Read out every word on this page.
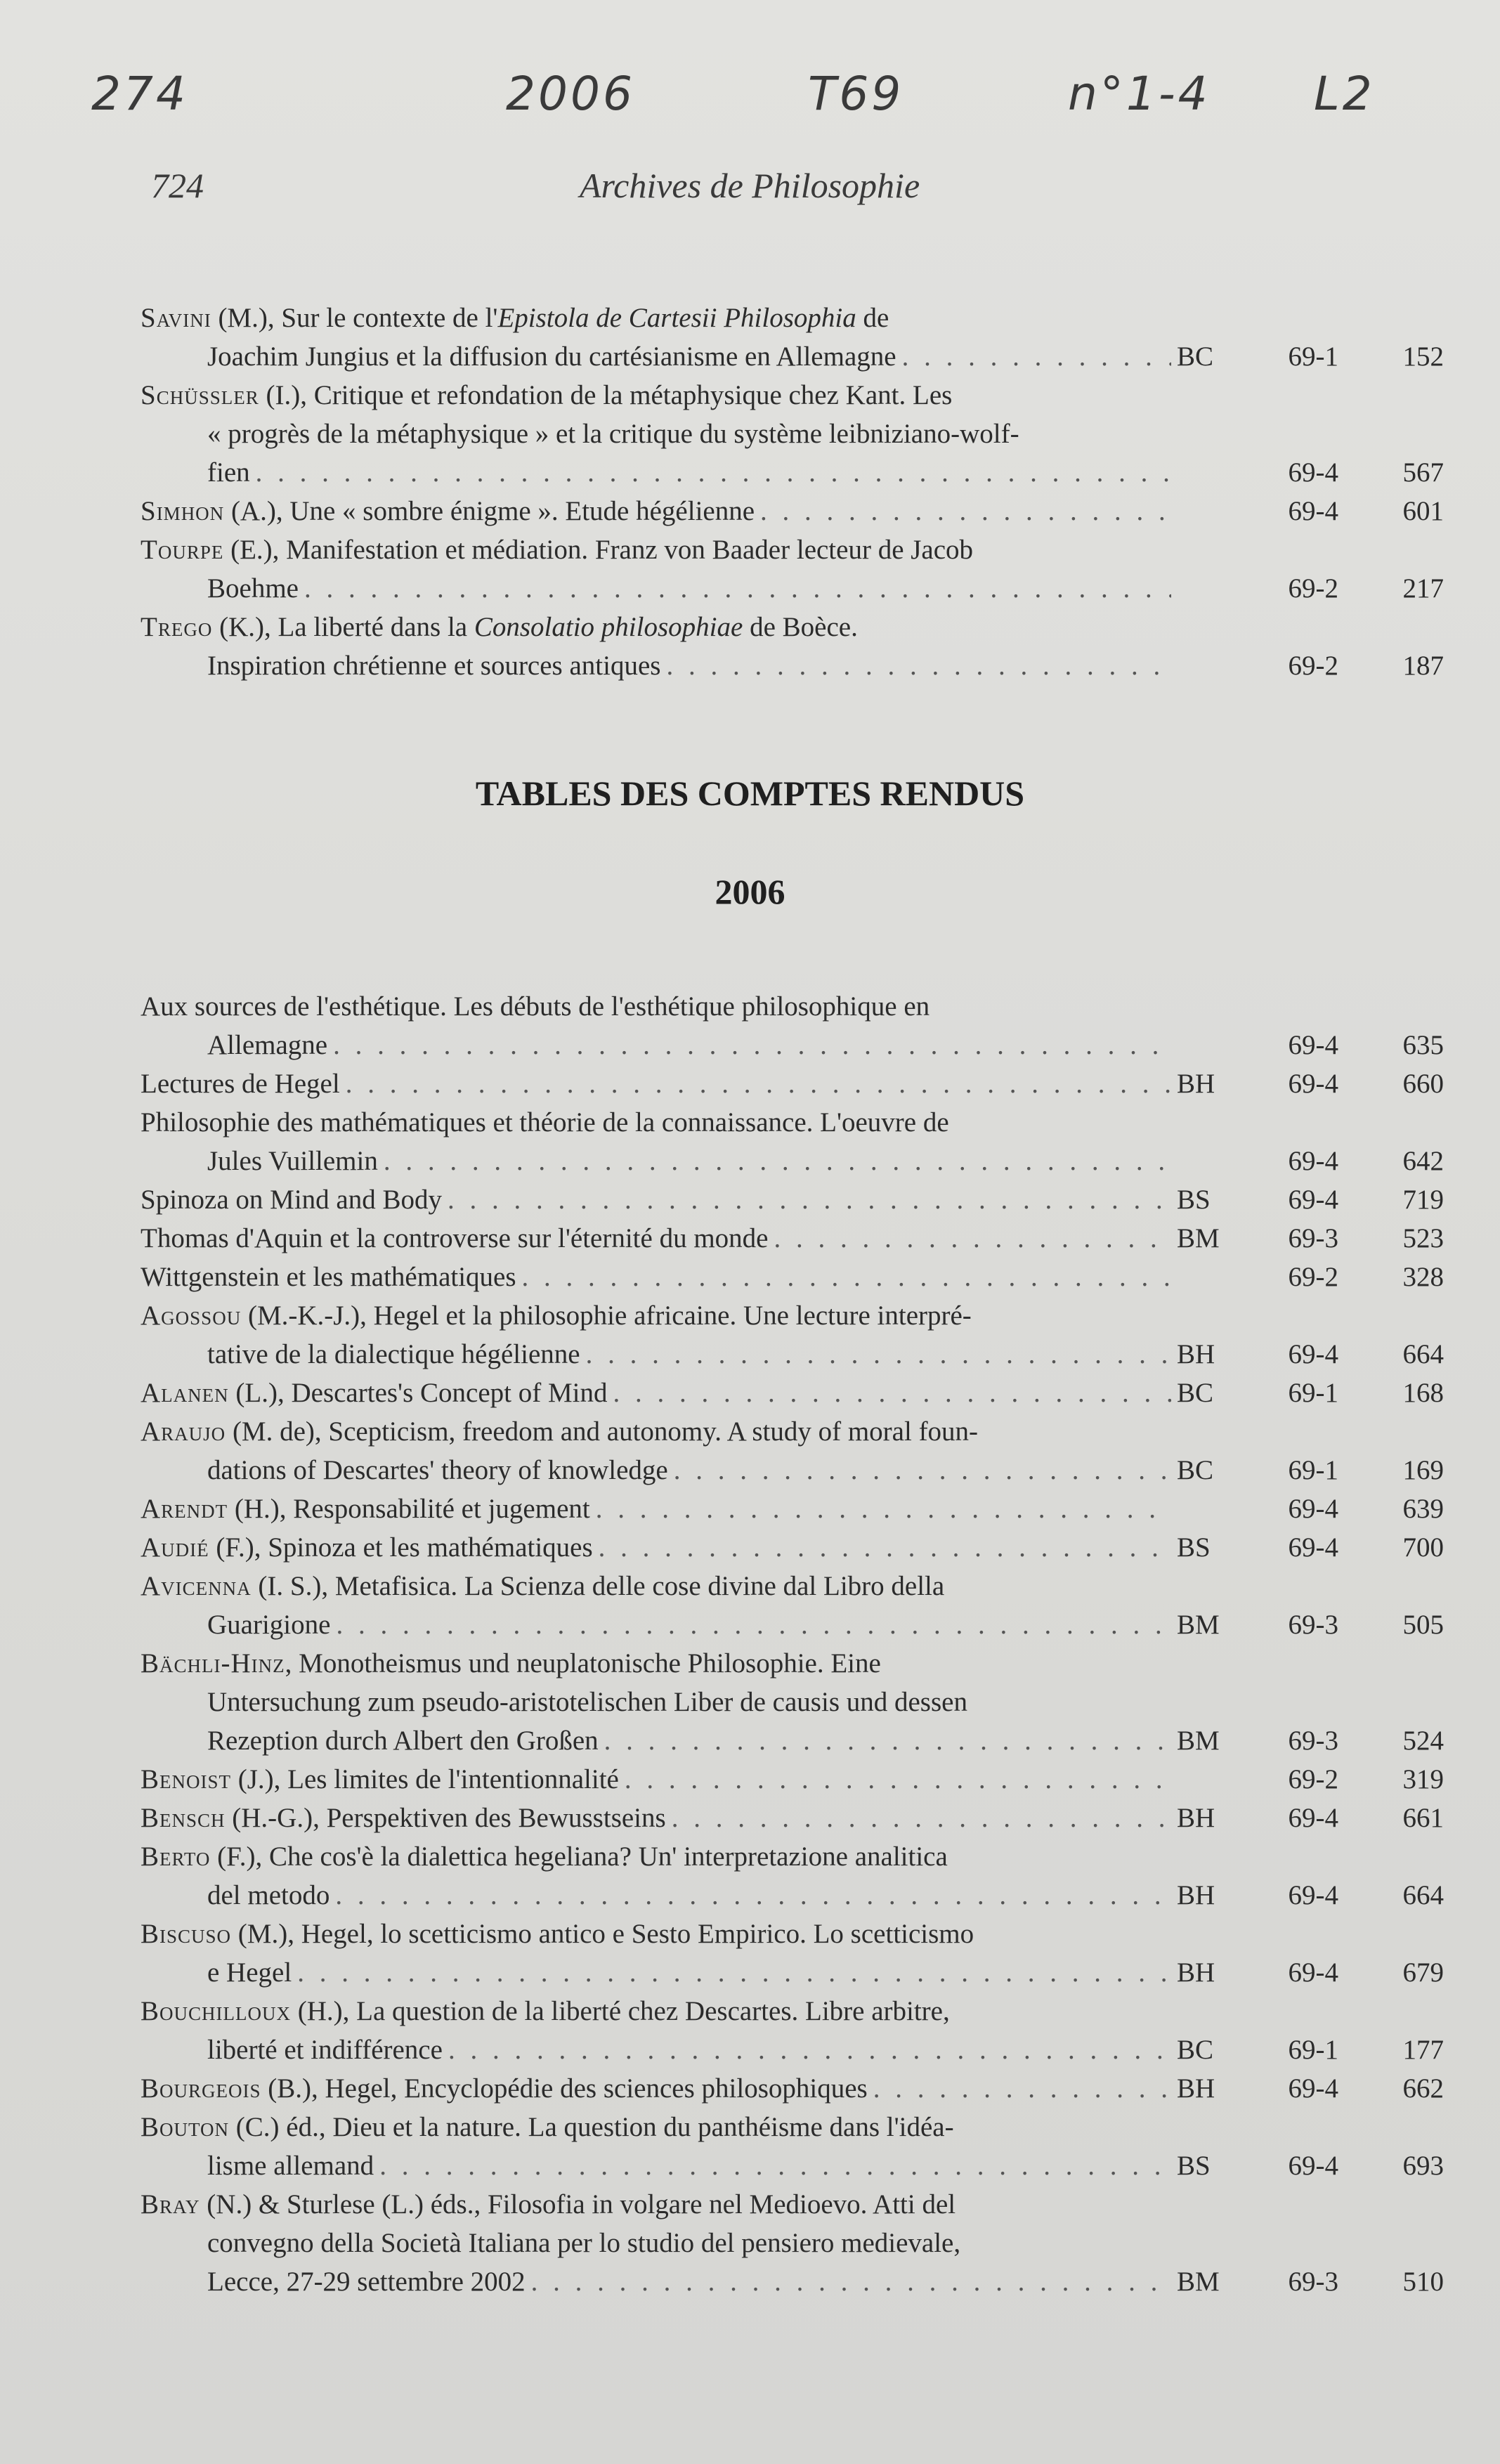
274	2006	T69	n°1-4 L2
724	Archives de Philosophie
Savini (M.), Sur le contexte de l'Epistola de Cartesii Philosophia de
Joachim Jungius et la diffusion du cartésianisme en Allemagne . . .	BC	69-1	152
Schüssler (I.), Critique et refondation de la métaphysique chez Kant. Les
« progrès de la métaphysique » et la critique du système leibniziano-wolf-
fien . . .	69-4	567
Simhon (A.), Une « sombre énigme ». Etude hégélienne . . .	69-4	601
Tourpe (E.), Manifestation et médiation. Franz von Baader lecteur de Jacob
Boehme . . .	69-2	217
Trego (K.), La liberté dans la Consolatio philosophiae de Boèce.
Inspiration chrétienne et sources antiques . . .	69-2	187
TABLES DES COMPTES RENDUS
2006
Aux sources de l'esthétique. Les débuts de l'esthétique philosophique en
Allemagne . . .	69-4	635
Lectures de Hegel . . .	BH	69-4	660
Philosophie des mathématiques et théorie de la connaissance. L'oeuvre de
Jules Vuillemin . . .	69-4	642
Spinoza on Mind and Body . . .	BS	69-4	719
Thomas d'Aquin et la controverse sur l'éternité du monde . . .	BM	69-3	523
Wittgenstein et les mathématiques . . .	69-2	328
Agossou (M.-K.-J.), Hegel et la philosophie africaine. Une lecture interpré-
tative de la dialectique hégélienne . . .	BH	69-4	664
Alanen (L.), Descartes's Concept of Mind . . .	BC	69-1	168
Araujo (M. de), Scepticism, freedom and autonomy. A study of moral foun-
dations of Descartes' theory of knowledge . . .	BC	69-1	169
Arendt (H.), Responsabilité et jugement . . .	69-4	639
Audié (F.), Spinoza et les mathématiques . . .	BS	69-4	700
Avicenna (I. S.), Metafisica. La Scienza delle cose divine dal Libro della
Guarigione . . .	BM	69-3	505
Bächli-Hinz, Monotheismus und neuplatonische Philosophie. Eine
Untersuchung zum pseudo-aristotelischen Liber de causis und dessen
Rezeption durch Albert den Großen . . .	BM	69-3	524
Benoist (J.), Les limites de l'intentionnalité . . .	69-2	319
Bensch (H.-G.), Perspektiven des Bewusstseins . . .	BH	69-4	661
Berto (F.), Che cos'è la dialettica hegeliana? Un' interpretazione analitica
del metodo . . .	BH	69-4	664
Biscuso (M.), Hegel, lo scetticismo antico e Sesto Empirico. Lo scetticismo
e Hegel . . .	BH	69-4	679
Bouchilloux (H.), La question de la liberté chez Descartes. Libre arbitre,
liberté et indifférence . . .	BC	69-1	177
Bourgeois (B.), Hegel, Encyclopédie des sciences philosophiques . . .	BH	69-4	662
Bouton (C.) éd., Dieu et la nature. La question du panthéisme dans l'idéa-
lisme allemand . . .	BS	69-4	693
Bray (N.) & Sturlese (L.) éds., Filosofia in volgare nel Medioevo. Atti del
convegno della Società Italiana per lo studio del pensiero medievale,
Lecce, 27-29 settembre 2002 . . .	BM	69-3	510
